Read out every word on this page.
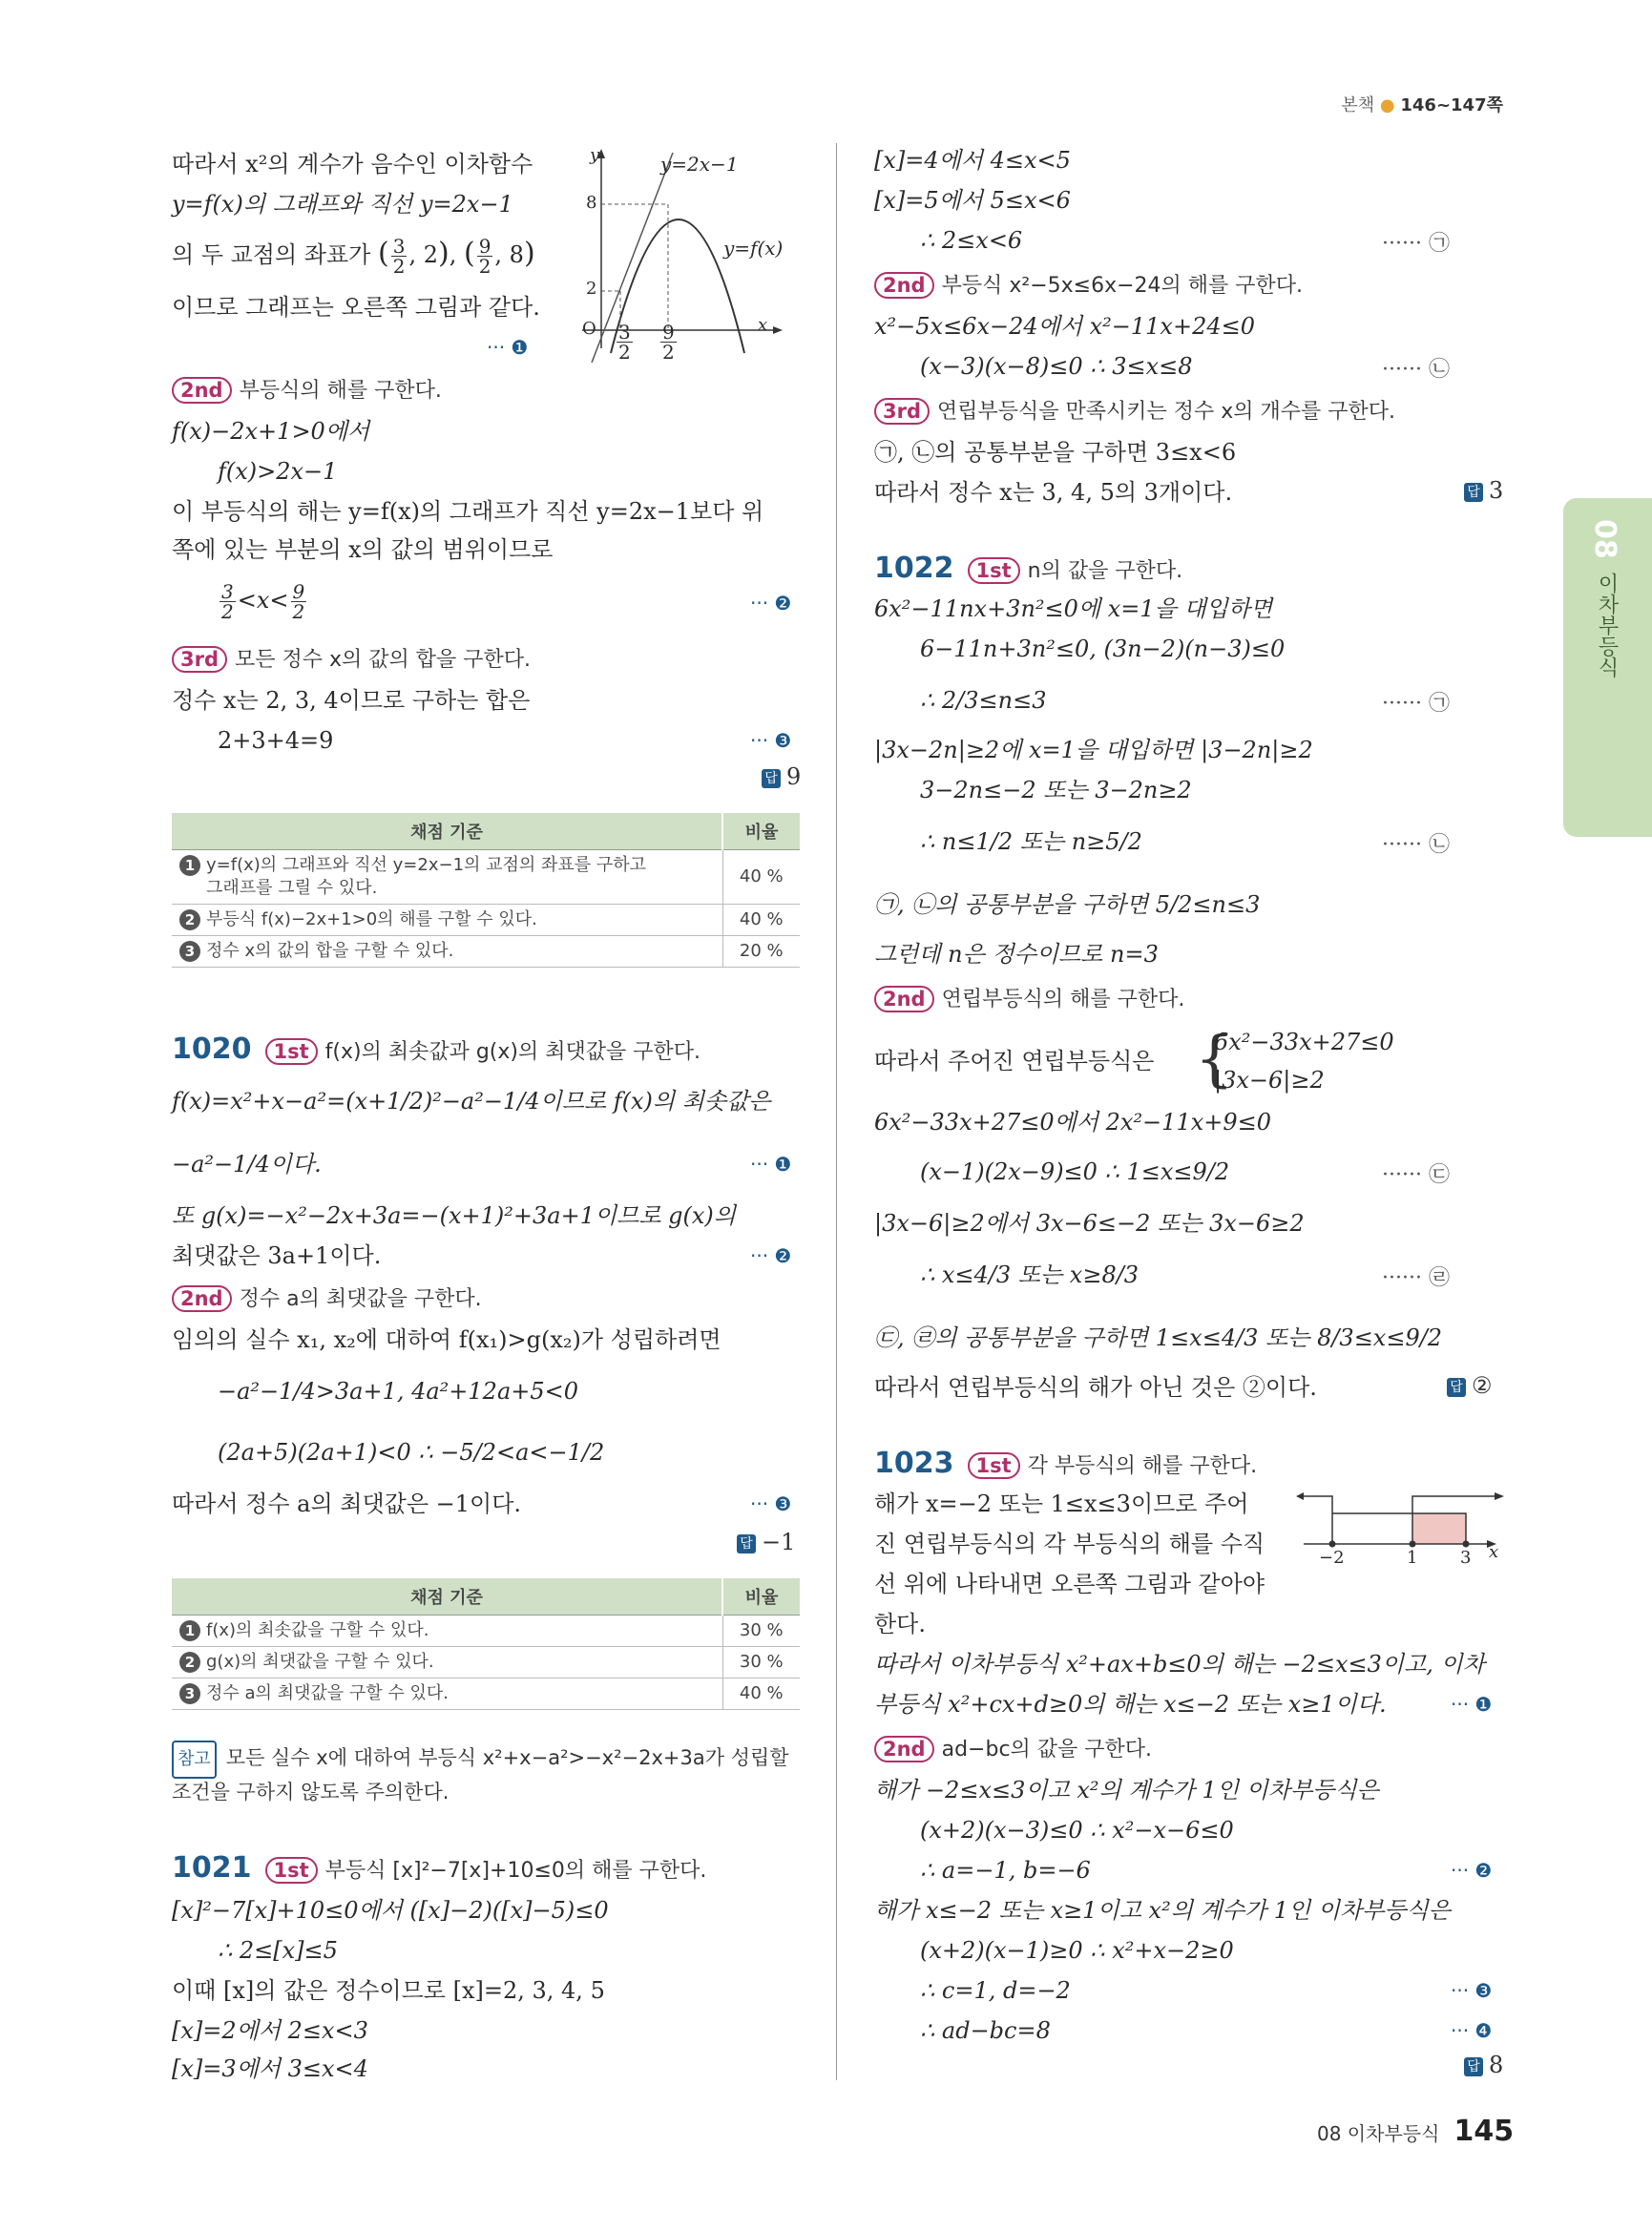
본책 ● 146~147쪽
08
이차부등식
따라서 x²의 계수가 음수인 이차함수
y=f(x)의 그래프와 직선 y=2x−1
의 두 교점의 좌표가 ( $\frac{3}{2}$ , 2), ( $\frac{9}{2}$ , 8)
이므로 그래프는 오른쪽 그림과 같다.
··· ❶
y	y=2x−1
y=f(x)
8
2
O	x
$\frac{3}{2} \frac{9}{2}$
2nd 부등식의 해를 구한다.
f(x)−2x+1>0에서
f(x)>2x−1
이 부등식의 해는 y=f(x)의 그래프가 직선 y=2x−1보다 위
쪽에 있는 부분의 x의 값의 범위이므로
$\frac{3}{2} <x< \frac{9}{2}$	··· ❷
3rd 모든 정수 x의 값의 합을 구한다.
정수 x는 2, 3, 4이므로 구하는 합은
2+3+4=9	··· ❸
답 9
채점 기준	비율
1 y=f(x)의 그래프와 직선 y=2x−1의 교점의 좌표를 구하고
그래프를 그릴 수 있다.	40 %
2 부등식 f(x)−2x+1>0의 해를 구할 수 있다.	40 %
3 정수 x의 값의 합을 구할 수 있다.	20 %
1020 1st f(x)의 최솟값과 g(x)의 최댓값을 구한다.
f(x)=x²+x−a²=(x+1/2)²−a²−1/4이므로 f(x)의 최솟값은
−a²−1/4이다.	··· ❶
또 g(x)=−x²−2x+3a=−(x+1)²+3a+1이므로 g(x)의
최댓값은 3a+1이다.	··· ❷
2nd 정수 a의 최댓값을 구한다.
임의의 실수 x₁, x₂에 대하여 f(x₁)>g(x₂)가 성립하려면
−a²−1/4>3a+1, 4a²+12a+5<0
(2a+5)(2a+1)<0 ∴ −5/2<a<−1/2
따라서 정수 a의 최댓값은 −1이다.	··· ❸
답 −1
채점 기준	비율
1 f(x)의 최솟값을 구할 수 있다.	30 %
2 g(x)의 최댓값을 구할 수 있다.	30 %
3 정수 a의 최댓값을 구할 수 있다.	40 %
참고 모든 실수 x에 대하여 부등식 x²+x−a²>−x²−2x+3a가 성립할
조건을 구하지 않도록 주의한다.
1021 1st 부등식 [x]²−7[x]+10≤0의 해를 구한다.
[x]²−7[x]+10≤0에서 ([x]−2)([x]−5)≤0
∴ 2≤[x]≤5
이때 [x]의 값은 정수이므로 [x]=2, 3, 4, 5
[x]=2에서 2≤x<3
[x]=3에서 3≤x<4
[x]=4에서 4≤x<5
[x]=5에서 5≤x<6
∴ 2≤x<6	······ ㉠
2nd 부등식 x²−5x≤6x−24의 해를 구한다.
x²−5x≤6x−24에서 x²−11x+24≤0
(x−3)(x−8)≤0 ∴ 3≤x≤8	······ ㉡
3rd 연립부등식을 만족시키는 정수 x의 개수를 구한다.
㉠, ㉡의 공통부분을 구하면 3≤x<6
따라서 정수 x는 3, 4, 5의 3개이다.	답 3
1022 1st n의 값을 구한다.
6x²−11nx+3n²≤0에 x=1을 대입하면
6−11n+3n²≤0, (3n−2)(n−3)≤0
∴ 2/3≤n≤3	······ ㉠
|3x−2n|≥2에 x=1을 대입하면 |3−2n|≥2
3−2n≤−2 또는 3−2n≥2
∴ n≤1/2 또는 n≥5/2	······ ㉡
㉠, ㉡의 공통부분을 구하면 5/2≤n≤3
그런데 n은 정수이므로 n=3
2nd 연립부등식의 해를 구한다.
따라서 주어진 연립부등식은 {
6x²−33x+27≤0
|3x−6|≥2
6x²−33x+27≤0에서 2x²−11x+9≤0
(x−1)(2x−9)≤0 ∴ 1≤x≤9/2	······ ㉢
|3x−6|≥2에서 3x−6≤−2 또는 3x−6≥2
∴ x≤4/3 또는 x≥8/3	······ ㉣
㉢, ㉣의 공통부분을 구하면 1≤x≤4/3 또는 8/3≤x≤9/2
따라서 연립부등식의 해가 아닌 것은 ②이다.	답 ②
1023 1st 각 부등식의 해를 구한다.
해가 x=−2 또는 1≤x≤3이므로 주어
진 연립부등식의 각 부등식의 해를 수직
선 위에 나타내면 오른쪽 그림과 같아야
한다.
−2	1 3 x
따라서 이차부등식 x²+ax+b≤0의 해는 −2≤x≤3이고, 이차
부등식 x²+cx+d≥0의 해는 x≤−2 또는 x≥1이다.	··· ❶
2nd ad−bc의 값을 구한다.
해가 −2≤x≤3이고 x²의 계수가 1인 이차부등식은
(x+2)(x−3)≤0 ∴ x²−x−6≤0
∴ a=−1, b=−6	··· ❷
해가 x≤−2 또는 x≥1이고 x²의 계수가 1인 이차부등식은
(x+2)(x−1)≥0 ∴ x²+x−2≥0
∴ c=1, d=−2	··· ❸
∴ ad−bc=8	··· ❹
답 8
08 이차부등식 145
